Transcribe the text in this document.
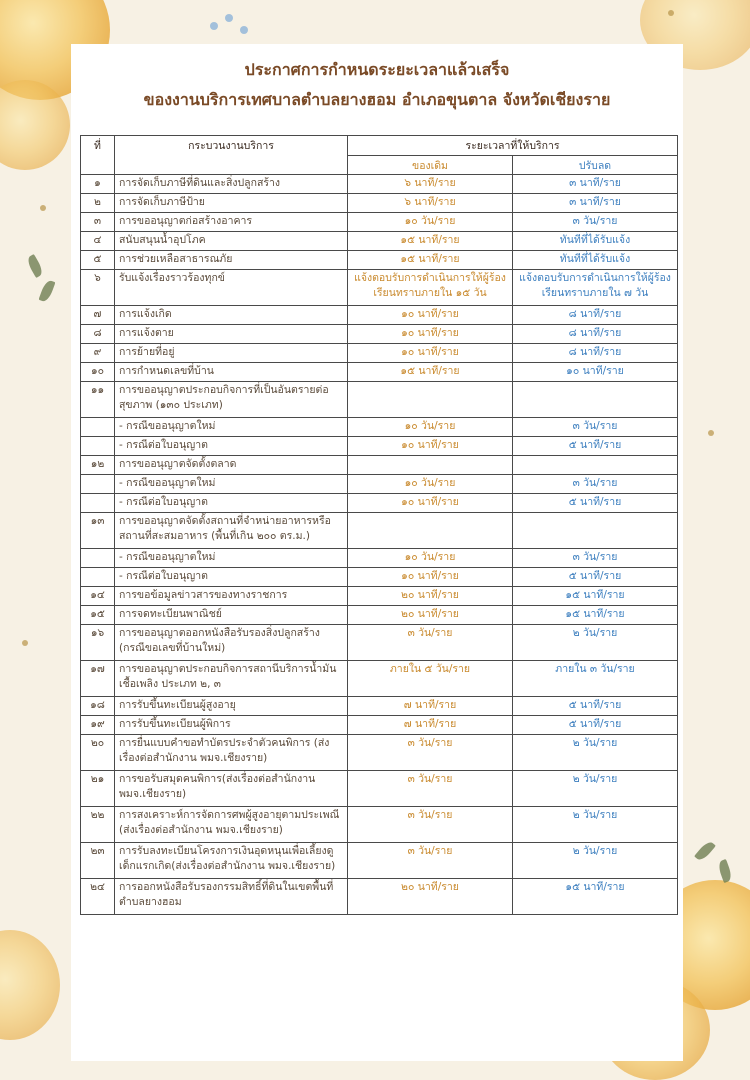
ประกาศการกำหนดระยะเวลาแล้วเสร็จ
ของงานบริการเทศบาลตำบลยางฮอม อำเภอขุนตาล จังหวัดเชียงราย
ที่	กระบวนงานบริการ	ระยะเวลาที่ให้บริการ	
		ของเดิม	ปรับลด
๑	การจัดเก็บภาษีที่ดินและสิ่งปลูกสร้าง	๖ นาที/ราย	๓ นาที/ราย
๒	การจัดเก็บภาษีป้าย	๖ นาที/ราย	๓ นาที/ราย
๓	การขออนุญาตก่อสร้างอาคาร	๑๐ วัน/ราย	๓ วัน/ราย
๔	สนับสนุนน้ำอุปโภค	๑๕ นาที/ราย	ทันทีที่ได้รับแจ้ง
๕	การช่วยเหลือสาธารณภัย	๑๕ นาที/ราย	ทันทีที่ได้รับแจ้ง
๖	รับแจ้งเรื่องราวร้องทุกข์	แจ้งตอบรับการดำเนินการให้ผู้ร้องเรียนทราบภายใน ๑๕ วัน	แจ้งตอบรับการดำเนินการให้ผู้ร้องเรียนทราบภายใน ๗ วัน
๗	การแจ้งเกิด	๑๐ นาที/ราย	๘ นาที/ราย
๘	การแจ้งตาย	๑๐ นาที/ราย	๘ นาที/ราย
๙	การย้ายที่อยู่	๑๐ นาที/ราย	๘ นาที/ราย
๑๐	การกำหนดเลขที่บ้าน	๑๕ นาที/ราย	๑๐ นาที/ราย
๑๑	การขออนุญาตประกอบกิจการที่เป็นอันตรายต่อสุขภาพ (๑๓๐ ประเภท)		
	- กรณีขออนุญาตใหม่	๑๐ วัน/ราย	๓ วัน/ราย
	- กรณีต่อใบอนุญาต	๑๐ นาที/ราย	๕ นาที/ราย
๑๒	การขออนุญาตจัดตั้งตลาด		
	- กรณีขออนุญาตใหม่	๑๐ วัน/ราย	๓ วัน/ราย
	- กรณีต่อใบอนุญาต	๑๐ นาที/ราย	๕ นาที/ราย
๑๓	การขออนุญาตจัดตั้งสถานที่จำหน่ายอาหารหรือสถานที่สะสมอาหาร (พื้นที่เกิน ๒๐๐ ตร.ม.)		
	- กรณีขออนุญาตใหม่	๑๐ วัน/ราย	๓ วัน/ราย
	- กรณีต่อใบอนุญาต	๑๐ นาที/ราย	๕ นาที/ราย
๑๔	การขอข้อมูลข่าวสารของทางราชการ	๒๐ นาที/ราย	๑๕ นาที/ราย
๑๕	การจดทะเบียนพาณิชย์	๒๐ นาที/ราย	๑๕ นาที/ราย
๑๖	การขออนุญาตออกหนังสือรับรองสิ่งปลูกสร้าง (กรณีขอเลขที่บ้านใหม่)	๓ วัน/ราย	๒ วัน/ราย
๑๗	การขออนุญาตประกอบกิจการสถานีบริการน้ำมันเชื้อเพลิง ประเภท ๒, ๓	ภายใน ๕ วัน/ราย	ภายใน ๓ วัน/ราย
๑๘	การรับขึ้นทะเบียนผู้สูงอายุ	๗ นาที/ราย	๕ นาที/ราย
๑๙	การรับขึ้นทะเบียนผู้พิการ	๗ นาที/ราย	๕ นาที/ราย
๒๐	การยื่นแบบคำขอทำบัตรประจำตัวคนพิการ (ส่งเรื่องต่อสำนักงาน พมจ.เชียงราย)	๓ วัน/ราย	๒ วัน/ราย
๒๑	การขอรับสมุดคนพิการ(ส่งเรื่องต่อสำนักงาน พมจ.เชียงราย)	๓ วัน/ราย	๒ วัน/ราย
๒๒	การสงเคราะห์การจัดการศพผู้สูงอายุตามประเพณี (ส่งเรื่องต่อสำนักงาน พมจ.เชียงราย)	๓ วัน/ราย	๒ วัน/ราย
๒๓	การรับลงทะเบียนโครงการเงินอุดหนุนเพื่อเลี้ยงดูเด็กแรกเกิด(ส่งเรื่องต่อสำนักงาน พมจ.เชียงราย)	๓ วัน/ราย	๒ วัน/ราย
๒๔	การออกหนังสือรับรองกรรมสิทธิ์ที่ดินในเขตพื้นที่ตำบลยางฮอม	๒๐ นาที/ราย	๑๕ นาที/ราย
